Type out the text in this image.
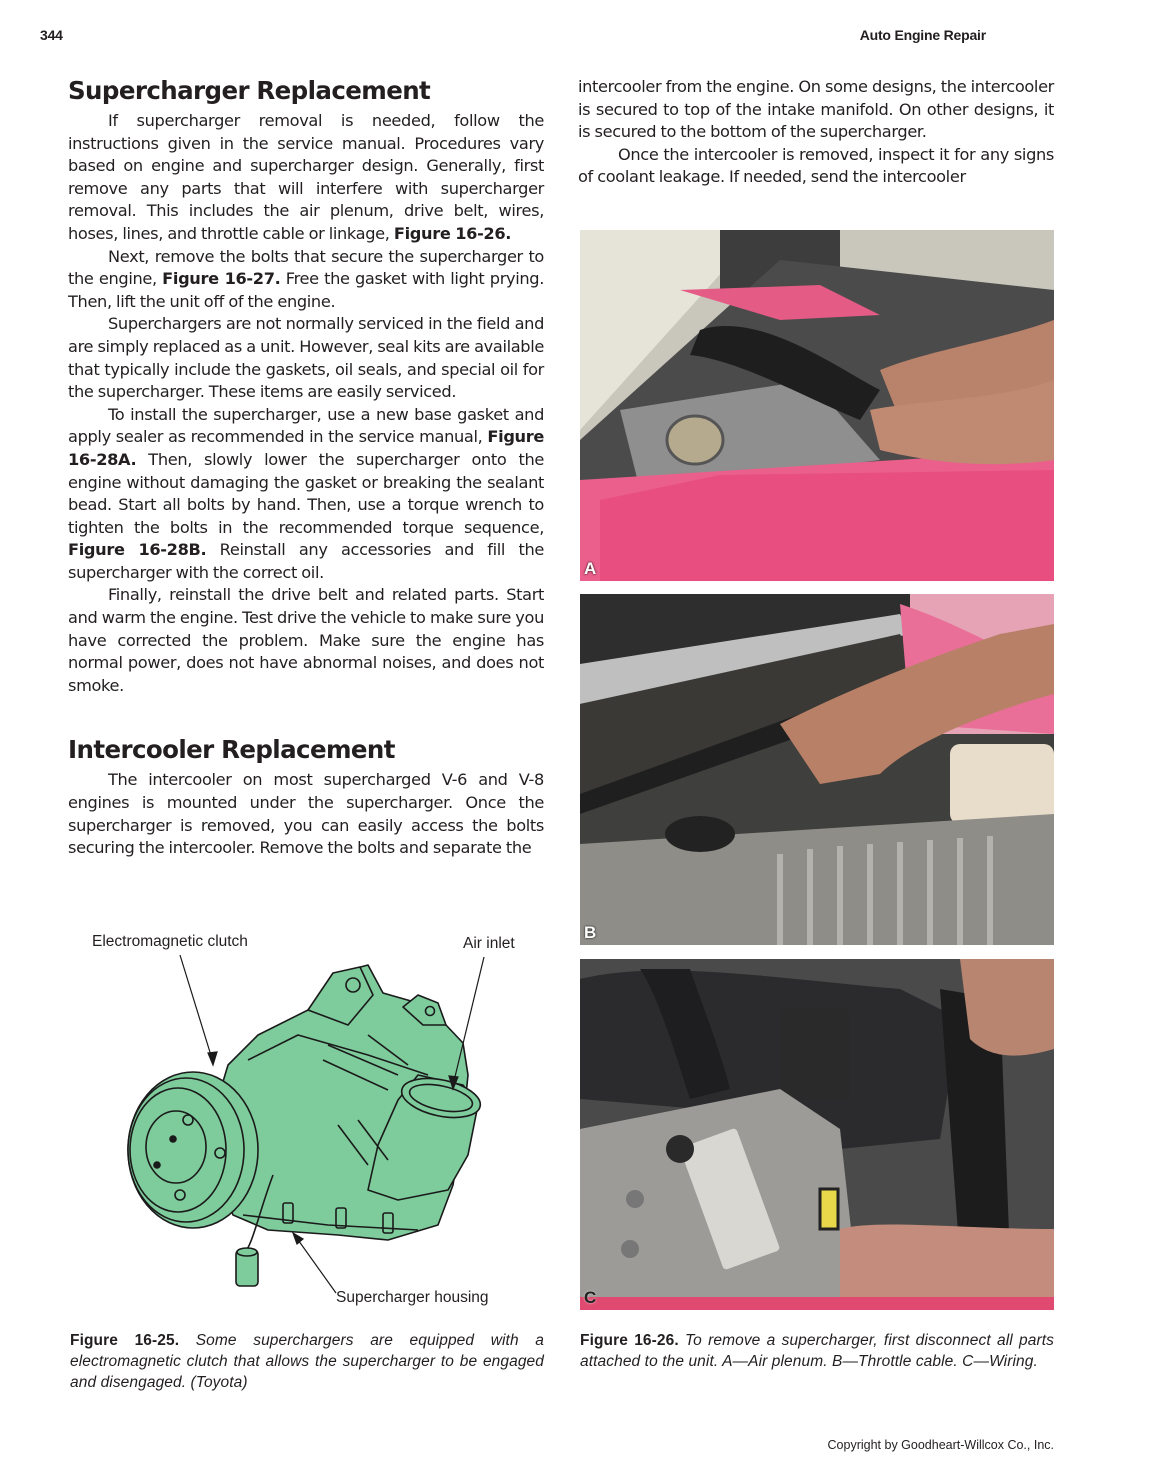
344	Auto Engine Repair
Supercharger Replacement

If supercharger removal is needed, follow the instructions given in the service manual. Procedures vary based on engine and supercharger design. Generally, first remove any parts that will interfere with supercharger removal. This includes the air plenum, drive belt, wires, hoses, lines, and throttle cable or linkage, Figure 16-26.

Next, remove the bolts that secure the supercharger to the engine, Figure 16-27. Free the gasket with light prying. Then, lift the unit off of the engine.

Superchargers are not normally serviced in the field and are simply replaced as a unit. However, seal kits are available that typically include the gaskets, oil seals, and special oil for the supercharger. These items are easily serviced.

To install the supercharger, use a new base gasket and apply sealer as recommended in the service manual, Figure 16-28A. Then, slowly lower the supercharger onto the engine without damaging the gasket or breaking the sealant bead. Start all bolts by hand. Then, use a torque wrench to tighten the bolts in the recommended torque sequence, Figure 16-28B. Reinstall any accessories and fill the supercharger with the correct oil.

Finally, reinstall the drive belt and related parts. Start and warm the engine. Test drive the vehicle to make sure you have corrected the problem. Make sure the engine has normal power, does not have abnormal noises, and does not smoke.

Intercooler Replacement

The intercooler on most supercharged V-6 and V-8 engines is mounted under the supercharger. Once the supercharger is removed, you can easily access the bolts securing the intercooler. Remove the bolts and separate the

intercooler from the engine. On some designs, the intercooler is secured to top of the intake manifold. On other designs, it is secured to the bottom of the supercharger.

Once the intercooler is removed, inspect it for any signs of coolant leakage. If needed, send the intercooler

Electromagnetic clutch	Air inlet
Supercharger housing
A
B
C
Figure 16-25. Some superchargers are equipped with a electromagnetic clutch that allows the supercharger to be engaged and disengaged. (Toyota)
Figure 16-26. To remove a supercharger, first disconnect all parts attached to the unit. A—Air plenum. B—Throttle cable. C—Wiring.
Copyright by Goodheart-Willcox Co., Inc.
